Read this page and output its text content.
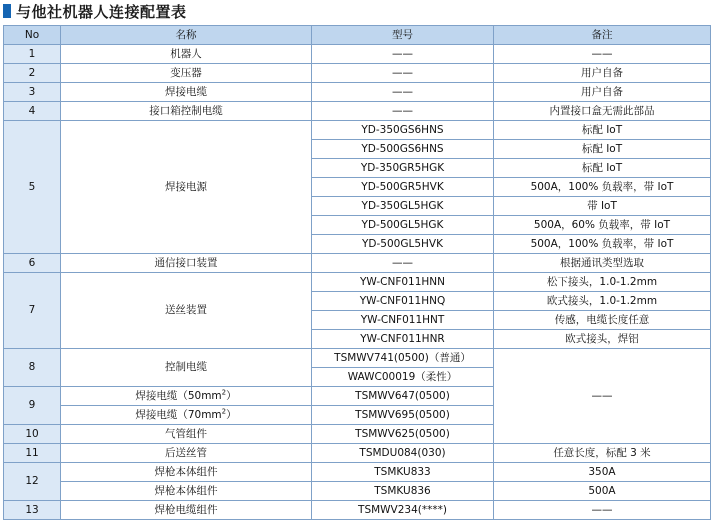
与他社机器人连接配置表
No	名称	型号	备注
1	机器人	——	——
2	变压器	——	用户自备
3	焊接电缆	——	用户自备
4	接口箱控制电缆	——	内置接口盒无需此部品
5	焊接电源	YD-350GS6HNS	标配 IoT
		YD-500GS6HNS	标配 IoT
		YD-350GR5HGK	标配 IoT
		YD-500GR5HVK	500A，100% 负载率，带 IoT
		YD-350GL5HGK	带 IoT
		YD-500GL5HGK	500A，60% 负载率，带 IoT
		YD-500GL5HVK	500A，100% 负载率，带 IoT
6	通信接口装置	——	根据通讯类型选取
7	送丝装置	YW-CNF011HNN	松下接头，1.0-1.2mm
		YW-CNF011HNQ	欧式接头，1.0-1.2mm
		YW-CNF011HNT	传感，电缆长度任意
		YW-CNF011HNR	欧式接头，焊铝
8	控制电缆	TSMWV741(0500)（普通）	——
		WAWC00019（柔性）	
9	焊接电缆$(50mm^2)$	TSMWV647(0500)	
	焊接电缆$(70mm^2)$	TSMWV695(0500)	
10	气管组件	TSMWV625(0500)	
11	后送丝管	TSMDU084(030)	任意长度，标配 3 米
12	焊枪本体组件	TSMKU833	350A
	焊枪本体组件	TSMKU836	500A
13	焊枪电缆组件	TSMWV234(****)	——
